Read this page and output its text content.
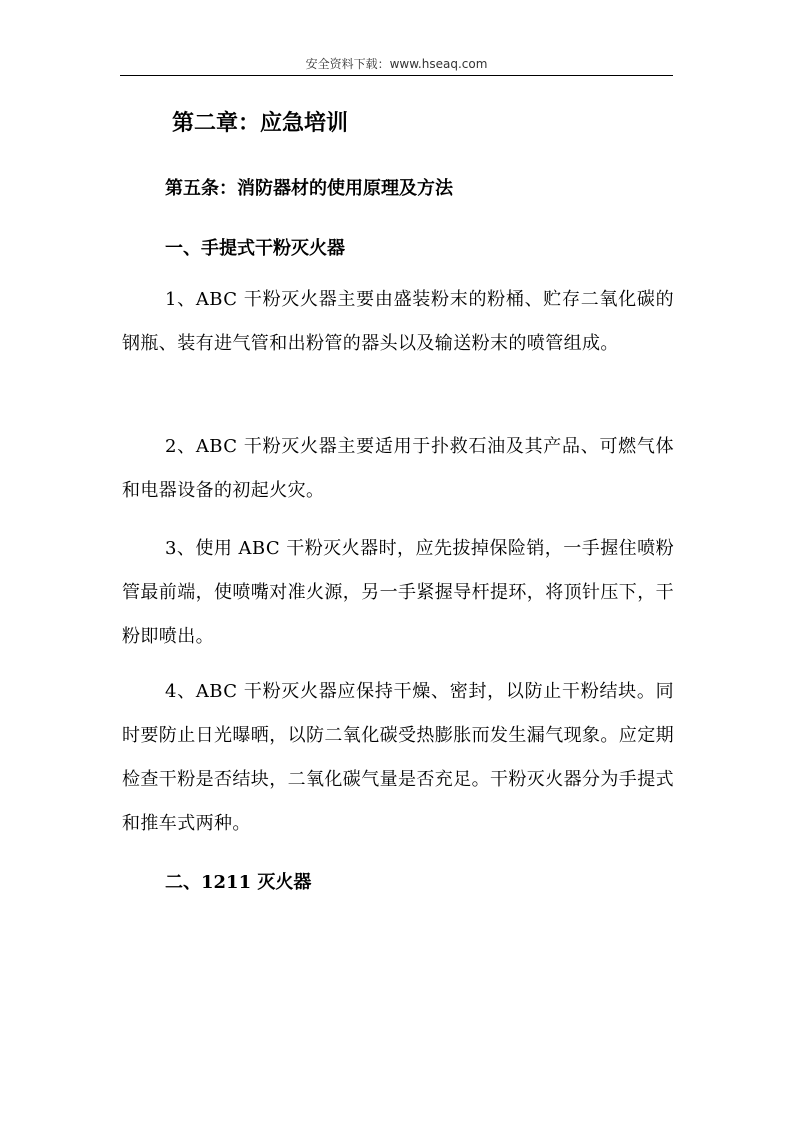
安全资料下载：www.hseaq.com
第二章：应急培训
第五条：消防器材的使用原理及方法
一、手提式干粉灭火器
1、ABC 干粉灭火器主要由盛装粉末的粉桶、贮存二氧化碳的钢瓶、装有进气管和出粉管的器头以及输送粉末的喷管组成。
2、ABC 干粉灭火器主要适用于扑救石油及其产品、可燃气体和电器设备的初起火灾。
3、使用 ABC 干粉灭火器时，应先拔掉保险销，一手握住喷粉管最前端，使喷嘴对准火源，另一手紧握导杆提环，将顶针压下，干粉即喷出。
4、ABC 干粉灭火器应保持干燥、密封，以防止干粉结块。同时要防止日光曝晒，以防二氧化碳受热膨胀而发生漏气现象。应定期检查干粉是否结块，二氧化碳气量是否充足。干粉灭火器分为手提式和推车式两种。
二、1211 灭火器
